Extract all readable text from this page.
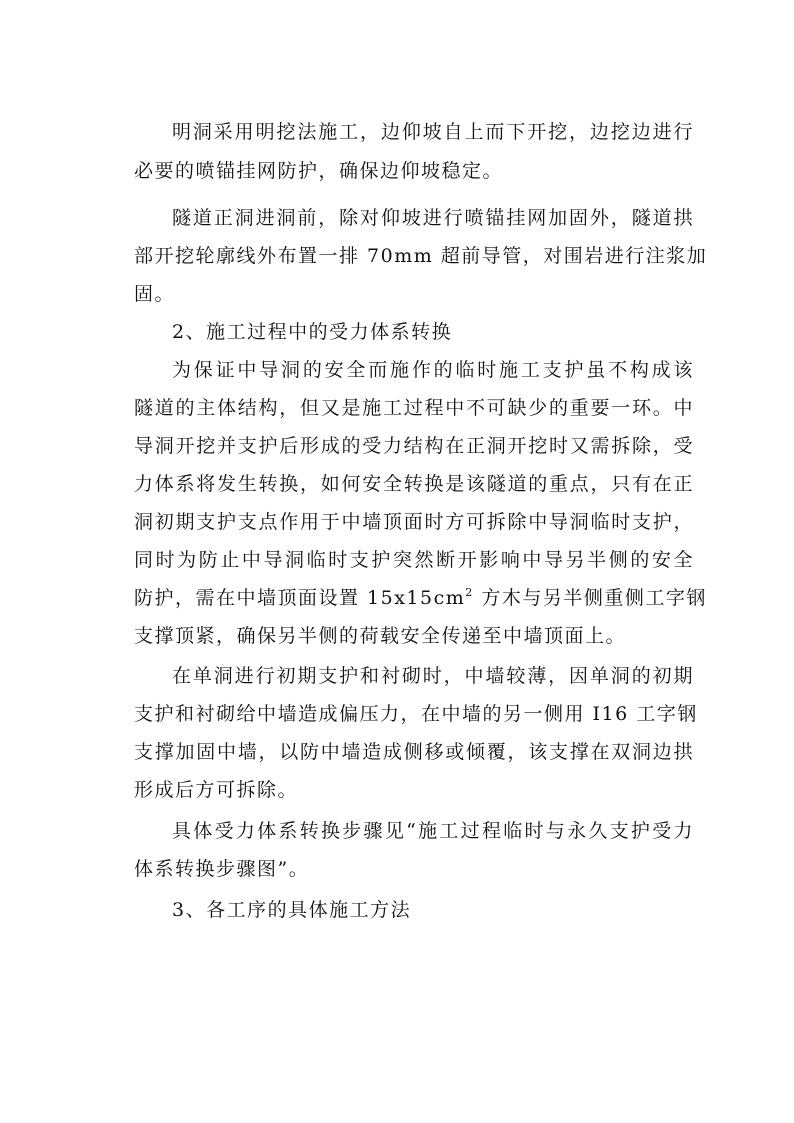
明洞采用明挖法施工，边仰坡自上而下开挖，边挖边进行
必要的喷锚挂网防护，确保边仰坡稳定。
隧道正洞进洞前，除对仰坡进行喷锚挂网加固外，隧道拱
部开挖轮廓线外布置一排 70mm 超前导管，对围岩进行注浆加
固。
2、施工过程中的受力体系转换
为保证中导洞的安全而施作的临时施工支护虽不构成该
隧道的主体结构，但又是施工过程中不可缺少的重要一环。中
导洞开挖并支护后形成的受力结构在正洞开挖时又需拆除，受
力体系将发生转换，如何安全转换是该隧道的重点，只有在正
洞初期支护支点作用于中墙顶面时方可拆除中导洞临时支护，
同时为防止中导洞临时支护突然断开影响中导另半侧的安全
防护，需在中墙顶面设置 $15x15cm^2$ 方木与另半侧重侧工字钢
支撑顶紧，确保另半侧的荷载安全传递至中墙顶面上。
在单洞进行初期支护和衬砌时，中墙较薄，因单洞的初期
支护和衬砌给中墙造成偏压力，在中墙的另一侧用 I16 工字钢
支撑加固中墙，以防中墙造成侧移或倾覆，该支撑在双洞边拱
形成后方可拆除。
具体受力体系转换步骤见“施工过程临时与永久支护受力
体系转换步骤图”。
3、各工序的具体施工方法
